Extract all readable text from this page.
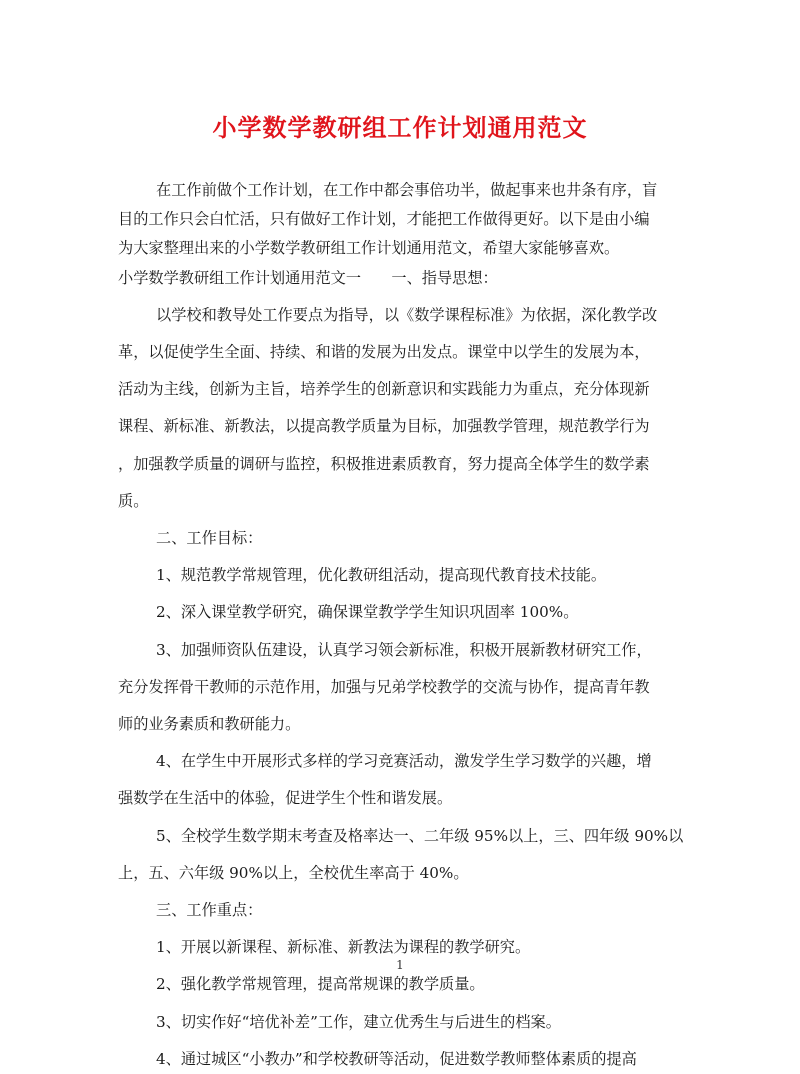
小学数学教研组工作计划通用范文

在工作前做个工作计划，在工作中都会事倍功半，做起事来也井条有序，盲

目的工作只会白忙活，只有做好工作计划，才能把工作做得更好。以下是由小编

为大家整理出来的小学数学教研组工作计划通用范文，希望大家能够喜欢。

小学数学教研组工作计划通用范文一　　一、指导思想：

以学校和教导处工作要点为指导，以《数学课程标准》为依据，深化教学改

革，以促使学生全面、持续、和谐的发展为出发点。课堂中以学生的发展为本，

活动为主线，创新为主旨，培养学生的创新意识和实践能力为重点，充分体现新

课程、新标准、新教法，以提高教学质量为目标，加强教学管理，规范教学行为

，加强教学质量的调研与监控，积极推进素质教育，努力提高全体学生的数学素

质。

二、工作目标：

1、规范教学常规管理，优化教研组活动，提高现代教育技术技能。

2、深入课堂教学研究，确保课堂教学学生知识巩固率 100%。

3、加强师资队伍建设，认真学习领会新标准，积极开展新教材研究工作，

充分发挥骨干教师的示范作用，加强与兄弟学校教学的交流与协作，提高青年教

师的业务素质和教研能力。

4、在学生中开展形式多样的学习竞赛活动，激发学生学习数学的兴趣，增

强数学在生活中的体验，促进学生个性和谐发展。

5、全校学生数学期末考查及格率达一、二年级 95%以上，三、四年级 90%以

上，五、六年级 90%以上，全校优生率高于 40%。

三、工作重点：

1、开展以新课程、新标准、新教法为课程的教学研究。

2、强化教学常规管理，提高常规课的教学质量。

3、切实作好“培优补差”工作，建立优秀生与后进生的档案。

4、通过城区“小教办”和学校教研等活动，促进数学教师整体素质的提高

1
